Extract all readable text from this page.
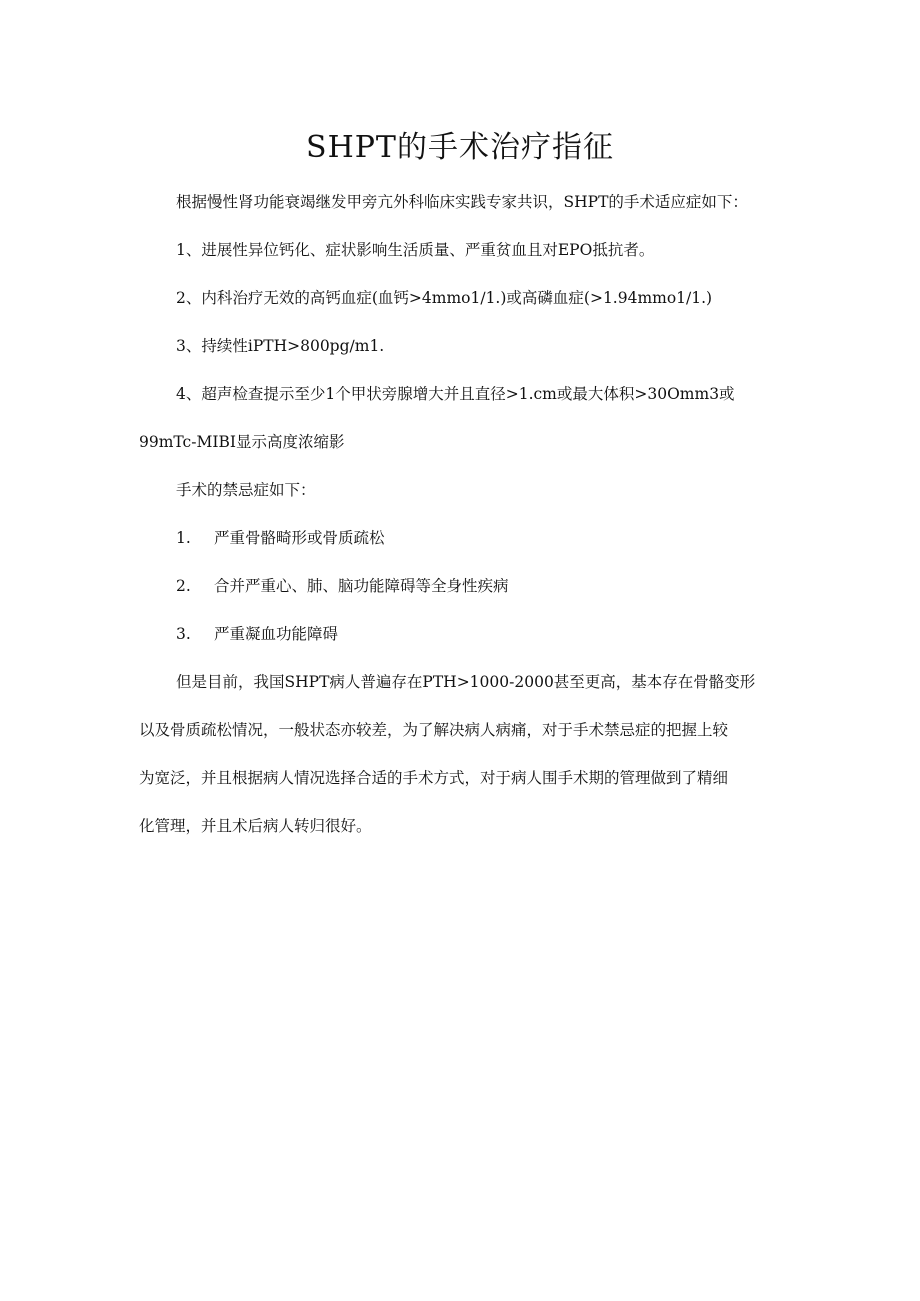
SHPT的手术治疗指征
根据慢性肾功能衰竭继发甲旁亢外科临床实践专家共识，SHPT的手术适应症如下：
1、进展性异位钙化、症状影响生活质量、严重贫血且对EPO抵抗者。
2、内科治疗无效的高钙血症(血钙>4mmo1∕1.)或高磷血症(>1.94mmo1∕1.)
3、持续性iPTH>800pg∕m1.
4、超声检查提示至少1个甲状旁腺增大并且直径>1.cm或最大体积>30Omm3或
99mTc-MIBI显示高度浓缩影
手术的禁忌症如下：
1. 严重骨骼畸形或骨质疏松
2. 合并严重心、肺、脑功能障碍等全身性疾病
3. 严重凝血功能障碍
但是目前，我国SHPT病人普遍存在PTH>1000-2000甚至更高，基本存在骨骼变形
以及骨质疏松情况，一般状态亦较差，为了解决病人病痛，对于手术禁忌症的把握上较
为宽泛，并且根据病人情况选择合适的手术方式，对于病人围手术期的管理做到了精细
化管理，并且术后病人转归很好。
